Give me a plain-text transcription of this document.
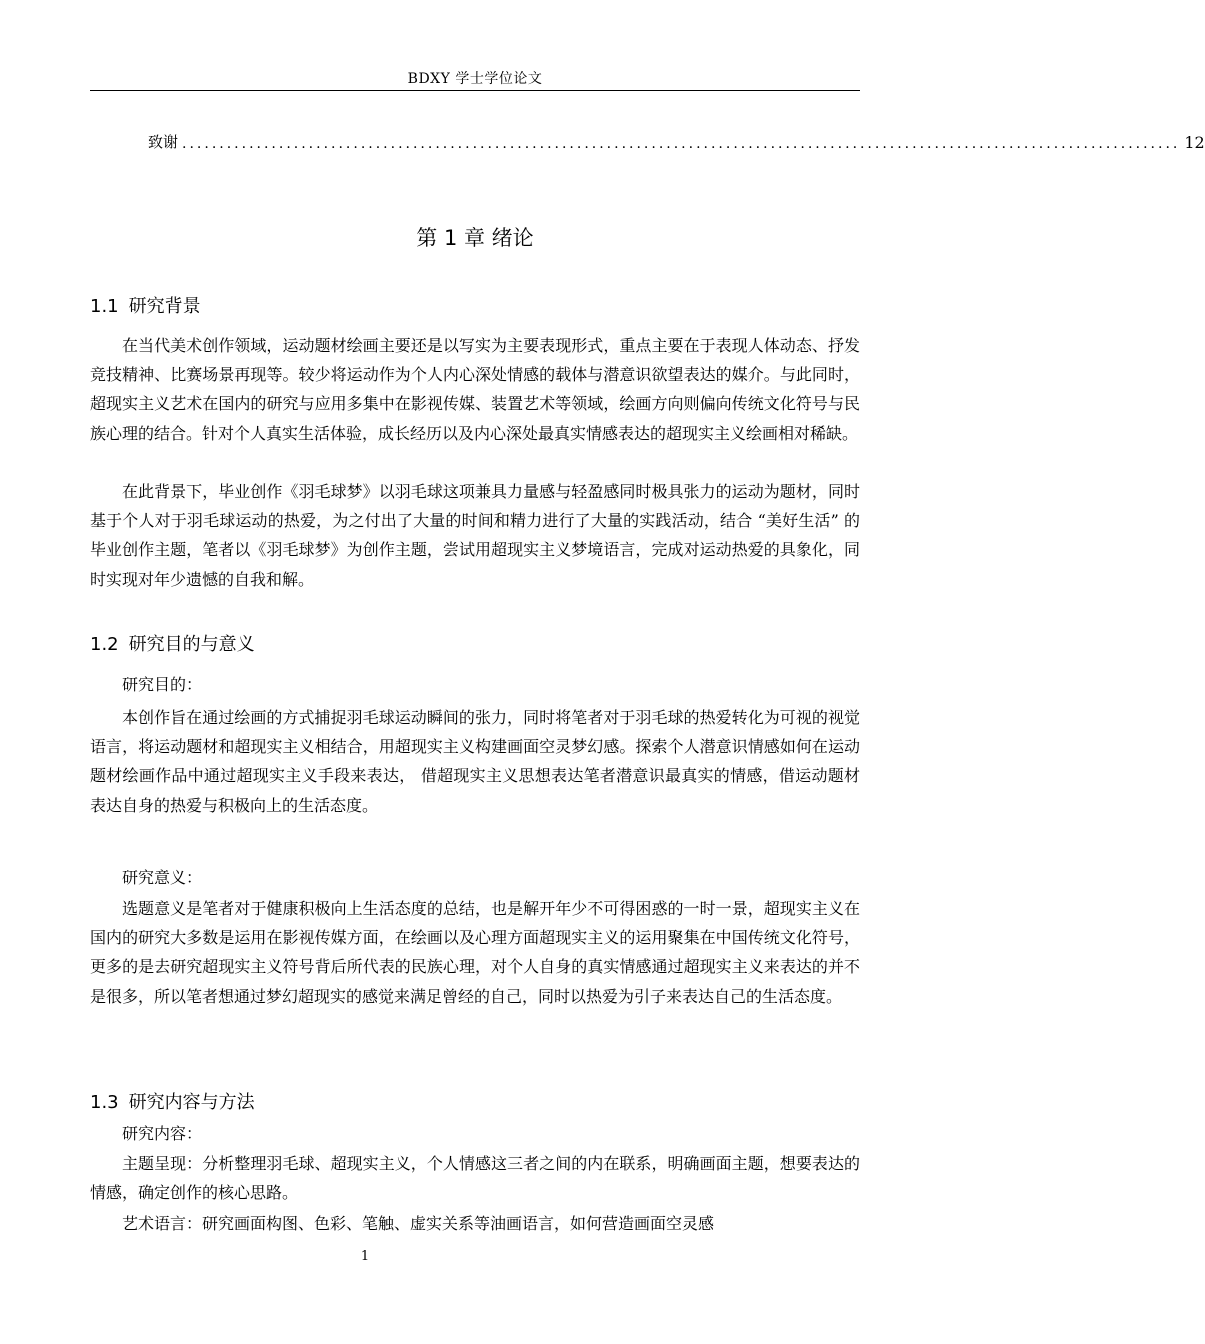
BDXY 学士学位论文
致谢 ...................................................................................................................................... 12
第 1 章 绪论
1.1 研究背景

在当代美术创作领域，运动题材绘画主要还是以写实为主要表现形式，重点主要在于表现人体动态、抒发竞技精神、比赛场景再现等。较少将运动作为个人内心深处情感的载体与潜意识欲望表达的媒介。与此同时，超现实主义艺术在国内的研究与应用多集中在影视传媒、装置艺术等领域，绘画方向则偏向传统文化符号与民族心理的结合。针对个人真实生活体验，成长经历以及内心深处最真实情感表达的超现实主义绘画相对稀缺。

在此背景下，毕业创作《羽毛球梦》以羽毛球这项兼具力量感与轻盈感同时极具张力的运动为题材，同时基于个人对于羽毛球运动的热爱，为之付出了大量的时间和精力进行了大量的实践活动，结合 “美好生活” 的毕业创作主题，笔者以《羽毛球梦》为创作主题，尝试用超现实主义梦境语言，完成对运动热爱的具象化，同时实现对年少遗憾的自我和解。

1.2 研究目的与意义

研究目的：

本创作旨在通过绘画的方式捕捉羽毛球运动瞬间的张力，同时将笔者对于羽毛球的热爱转化为可视的视觉语言，将运动题材和超现实主义相结合，用超现实主义构建画面空灵梦幻感。探索个人潜意识情感如何在运动题材绘画作品中通过超现实主义手段来表达， 借超现实主义思想表达笔者潜意识最真实的情感，借运动题材表达自身的热爱与积极向上的生活态度。

研究意义：

选题意义是笔者对于健康积极向上生活态度的总结，也是解开年少不可得困惑的一时一景，超现实主义在国内的研究大多数是运用在影视传媒方面，在绘画以及心理方面超现实主义的运用聚集在中国传统文化符号，更多的是去研究超现实主义符号背后所代表的民族心理，对个人自身的真实情感通过超现实主义来表达的并不是很多，所以笔者想通过梦幻超现实的感觉来满足曾经的自己，同时以热爱为引子来表达自己的生活态度。

1.3 研究内容与方法

研究内容：

主题呈现：分析整理羽毛球、超现实主义，个人情感这三者之间的内在联系，明确画面主题，想要表达的情感，确定创作的核心思路。

艺术语言：研究画面构图、色彩、笔触、虚实关系等油画语言，如何营造画面空灵感

1
